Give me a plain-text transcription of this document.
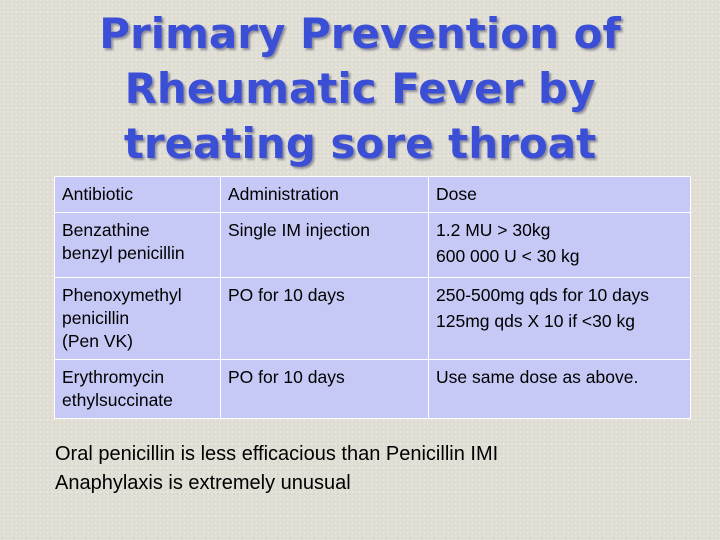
Primary Prevention of
Rheumatic Fever by
treating sore throat
Antibiotic	Administration	Dose

Benzathine
benzyl penicillin	Single IM injection	1.2 MU > 30kg
600 000 U < 30 kg

Phenoxymethyl
penicillin
(Pen VK)	PO for 10 days	250-500mg qds for 10 days
125mg qds X 10 if <30 kg

Erythromycin
ethylsuccinate	PO for 10 days	Use same dose as above.
Oral penicillin is less efficacious than Penicillin IMI
Anaphylaxis is extremely unusual
